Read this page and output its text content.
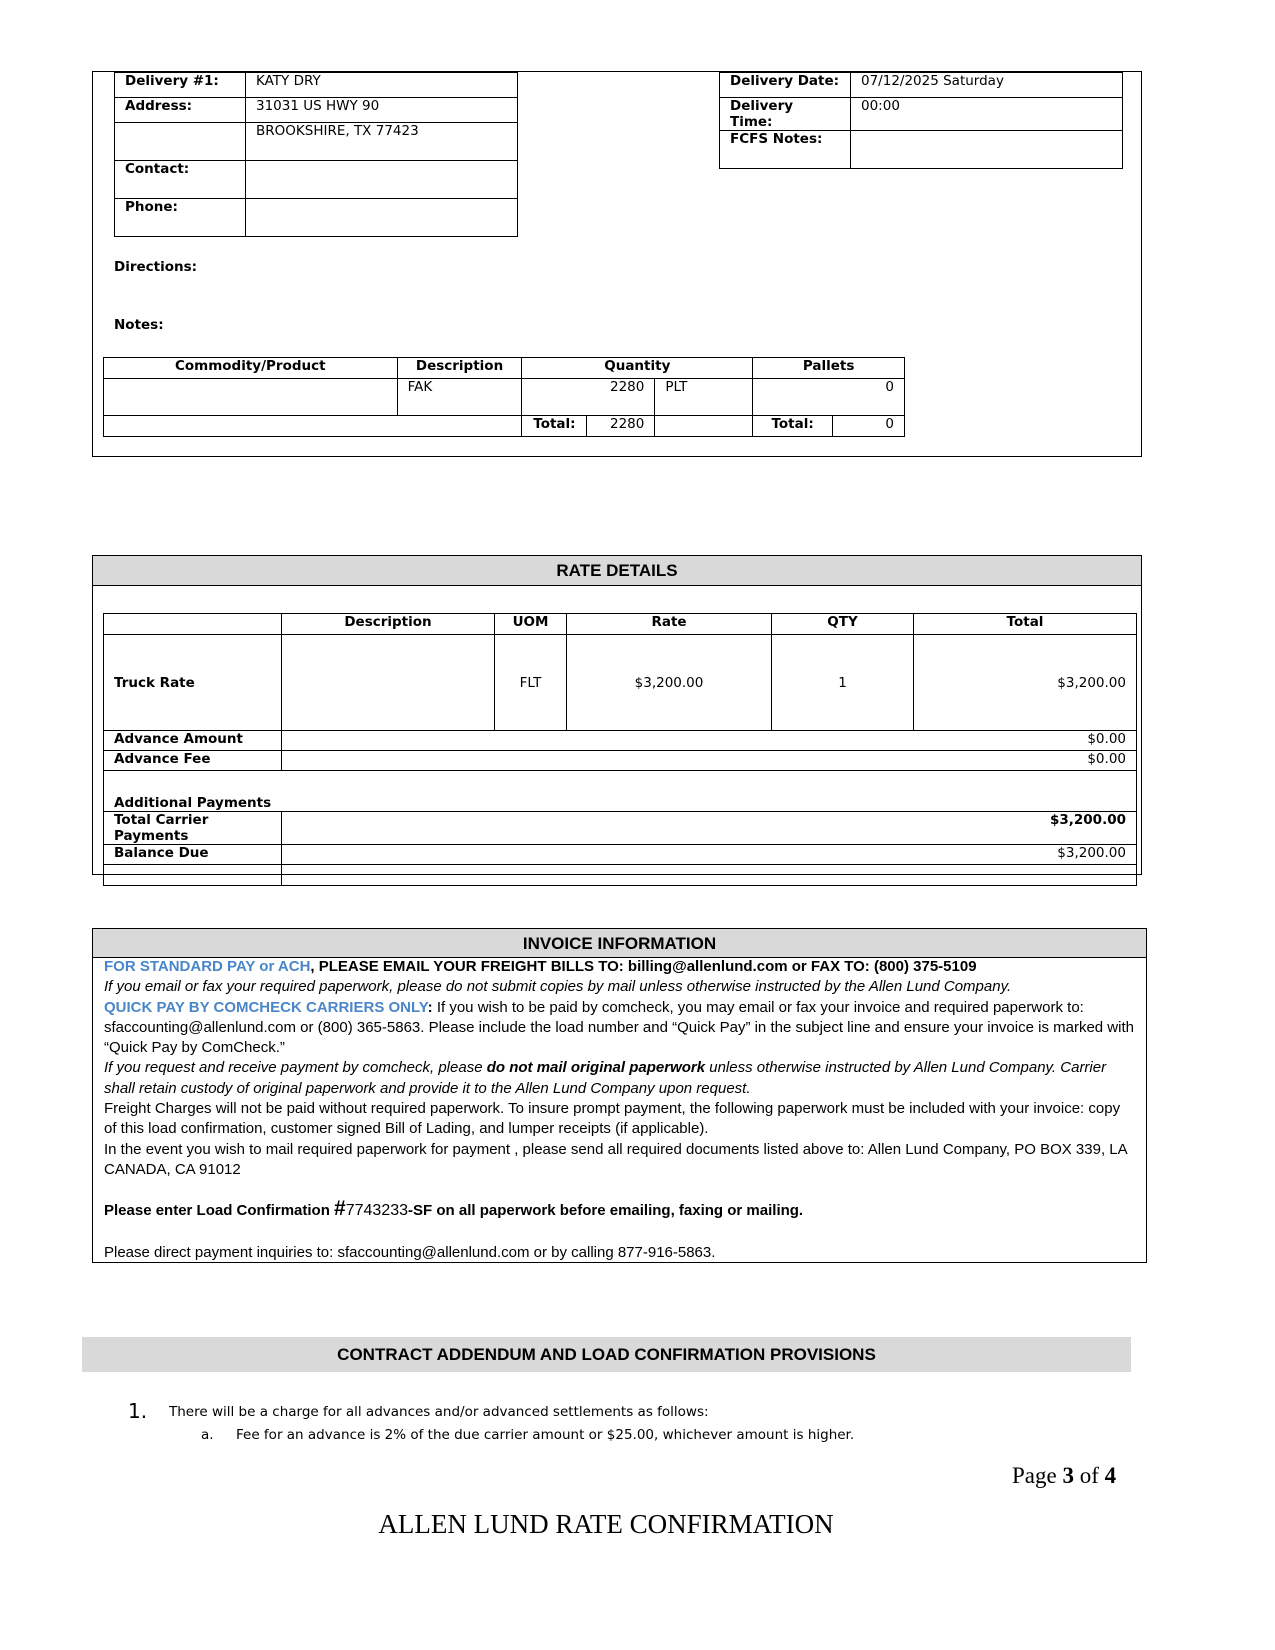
Delivery #1:	KATY DRY
Address:	31031 US HWY 90
	BROOKSHIRE, TX 77423
Contact:	
Phone:	
Delivery Date:	07/12/2025 Saturday
Delivery Time:	00:00
FCFS Notes:	
Directions:
Notes:
Commodity/Product	Description	Quantity			Pallets	
	FAK	2280		PLT	0	
		Total:	2280		Total:	0
RATE DETAILS
	Description	UOM	Rate	QTY	Total
Truck Rate		FLT	$3,200.00	1	$3,200.00
Advance Amount	$0.00				
Advance Fee	$0.00				
Additional Payments					
Total Carrier Payments	$3,200.00				
Balance Due	$3,200.00				

INVOICE INFORMATION
FOR STANDARD PAY or ACH, PLEASE EMAIL YOUR FREIGHT BILLS TO: billing@allenlund.com or FAX TO: (800) 375-5109
If you email or fax your required paperwork, please do not submit copies by mail unless otherwise instructed by the Allen Lund Company.
QUICK PAY BY COMCHECK CARRIERS ONLY: If you wish to be paid by comcheck, you may email or fax your invoice and required paperwork to: sfaccounting@allenlund.com or (800) 365-5863. Please include the load number and “Quick Pay” in the subject line and ensure your invoice is marked with “Quick Pay by ComCheck.”
If you request and receive payment by comcheck, please do not mail original paperwork unless otherwise instructed by Allen Lund Company. Carrier shall retain custody of original paperwork and provide it to the Allen Lund Company upon request.
Freight Charges will not be paid without required paperwork. To insure prompt payment, the following paperwork must be included with your invoice: copy of this load confirmation, customer signed Bill of Lading, and lumper receipts (if applicable).
In the event you wish to mail required paperwork for payment , please send all required documents listed above to: Allen Lund Company, PO BOX 339, LA CANADA, CA 91012
Please enter Load Confirmation #7743233-SF on all paperwork before emailing, faxing or mailing.
Please direct payment inquiries to: sfaccounting@allenlund.com or by calling 877-916-5863.
CONTRACT ADDENDUM AND LOAD CONFIRMATION PROVISIONS
1. There will be a charge for all advances and/or advanced settlements as follows:
a. Fee for an advance is 2% of the due carrier amount or $25.00, whichever amount is higher.
Page 3 of 4
ALLEN LUND RATE CONFIRMATION
